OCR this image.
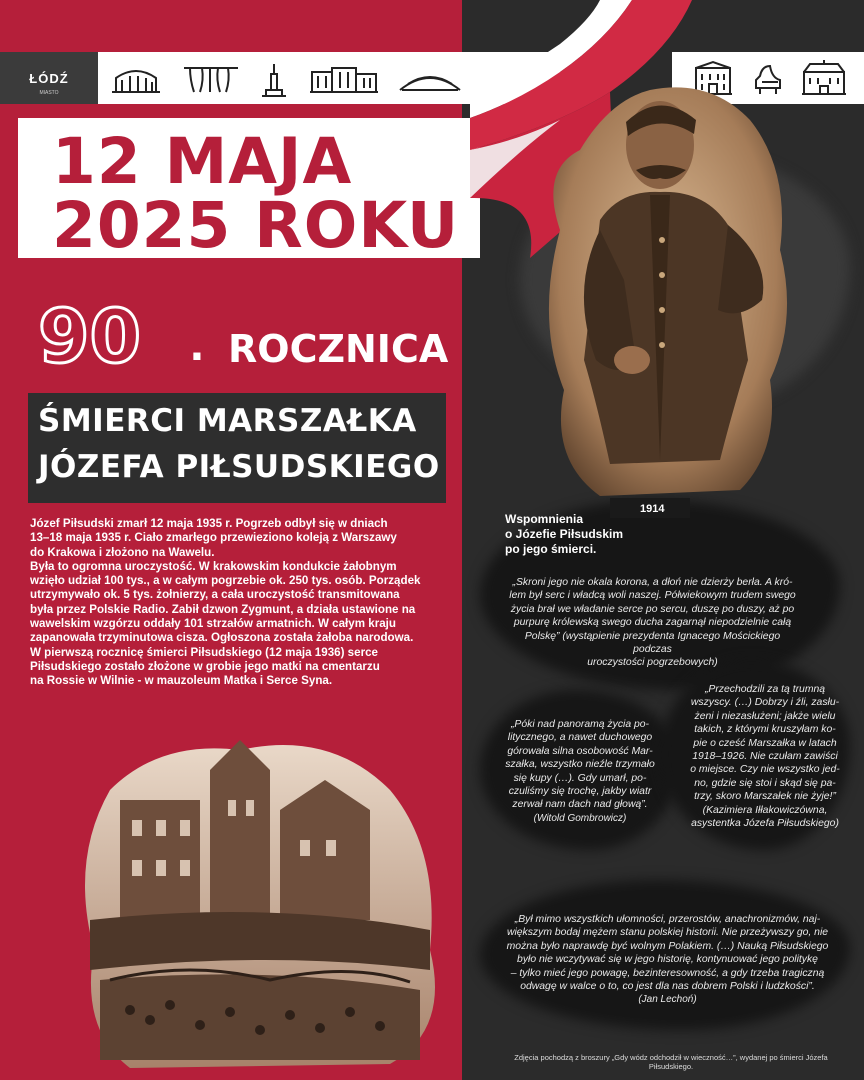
ŁÓDŹ
MIASTO
12 MAJA
2025 ROKU
90 . ROCZNICA
ŚMIERCI MARSZAŁKA
JÓZEFA PIŁSUDSKIEGO

Józef Piłsudski zmarł 12 maja 1935 r. Pogrzeb odbył się w dniach

13–18 maja 1935 r. Ciało zmarłego przewieziono koleją z Warszawy

do Krakowa i złożono na Wawelu.

Była to ogromna uroczystość. W krakowskim kondukcie żałobnym

wzięło udział 100 tys., a w całym pogrzebie ok. 250 tys. osób. Porządek

utrzymywało ok. 5 tys. żołnierzy, a cała uroczystość transmitowana

była przez Polskie Radio. Zabił dzwon Zygmunt, a działa ustawione na

wawelskim wzgórzu oddały 101 strzałów armatnich. W całym kraju

zapanowała trzyminutowa cisza. Ogłoszona została żałoba narodowa.

W pierwszą rocznicę śmierci Piłsudskiego (12 maja 1936) serce

Piłsudskiego zostało złożone w grobie jego matki na cmentarzu

na Rossie w Wilnie - w mauzoleum Matka i Serce Syna.

1914
Wspomnienia
o Józefie Piłsudskim
po jego śmierci.
„Skroni jego nie okala korona, a dłoń nie dzierży berła. A kró-
lem był serc i władcą woli naszej. Półwiekowym trudem swego
życia brał we władanie serce po sercu, duszę po duszy, aż po
purpurę królewską swego ducha zagarnął niepodzielnie całą
Polskę” (wystąpienie prezydenta Ignacego Mościckiego podczas
uroczystości pogrzebowych)
„Póki nad panoramą życia po-
litycznego, a nawet duchowego
górowała silna osobowość Mar-
szałka, wszystko nieźle trzymało
się kupy (…). Gdy umarł, po-
czuliśmy się trochę, jakby wiatr
zerwał nam dach nad głową”.
(Witold Gombrowicz)
„Przechodzili za tą trumną
wszyscy. (…) Dobrzy i źli, zasłu-
żeni i niezasłużeni; jakże wielu
takich, z którymi kruszyłam ko-
pie o cześć Marszałka w latach
1918–1926. Nie czułam zawiści
o miejsce. Czy nie wszystko jed-
no, gdzie się stoi i skąd się pa-
trzy, skoro Marszałek nie żyje!”
(Kazimiera Iłłakowiczówna,
asystentka Józefa Piłsudskiego)
„Był mimo wszystkich ułomności, przerostów, anachronizmów, naj-
większym bodaj mężem stanu polskiej historii. Nie przeżywszy go, nie
można było naprawdę być wolnym Polakiem. (…) Nauką Piłsudskiego
było nie wczytywać się w jego historię, kontynuować jego politykę
– tylko mieć jego powagę, bezinteresowność, a gdy trzeba tragiczną
odwagę w walce o to, co jest dla nas dobrem Polski i ludzkości”.
(Jan Lechoń)
Zdjęcia pochodzą z broszury „Gdy wódz odchodził w wieczność…”, wydanej po śmierci Józefa Piłsudskiego.
